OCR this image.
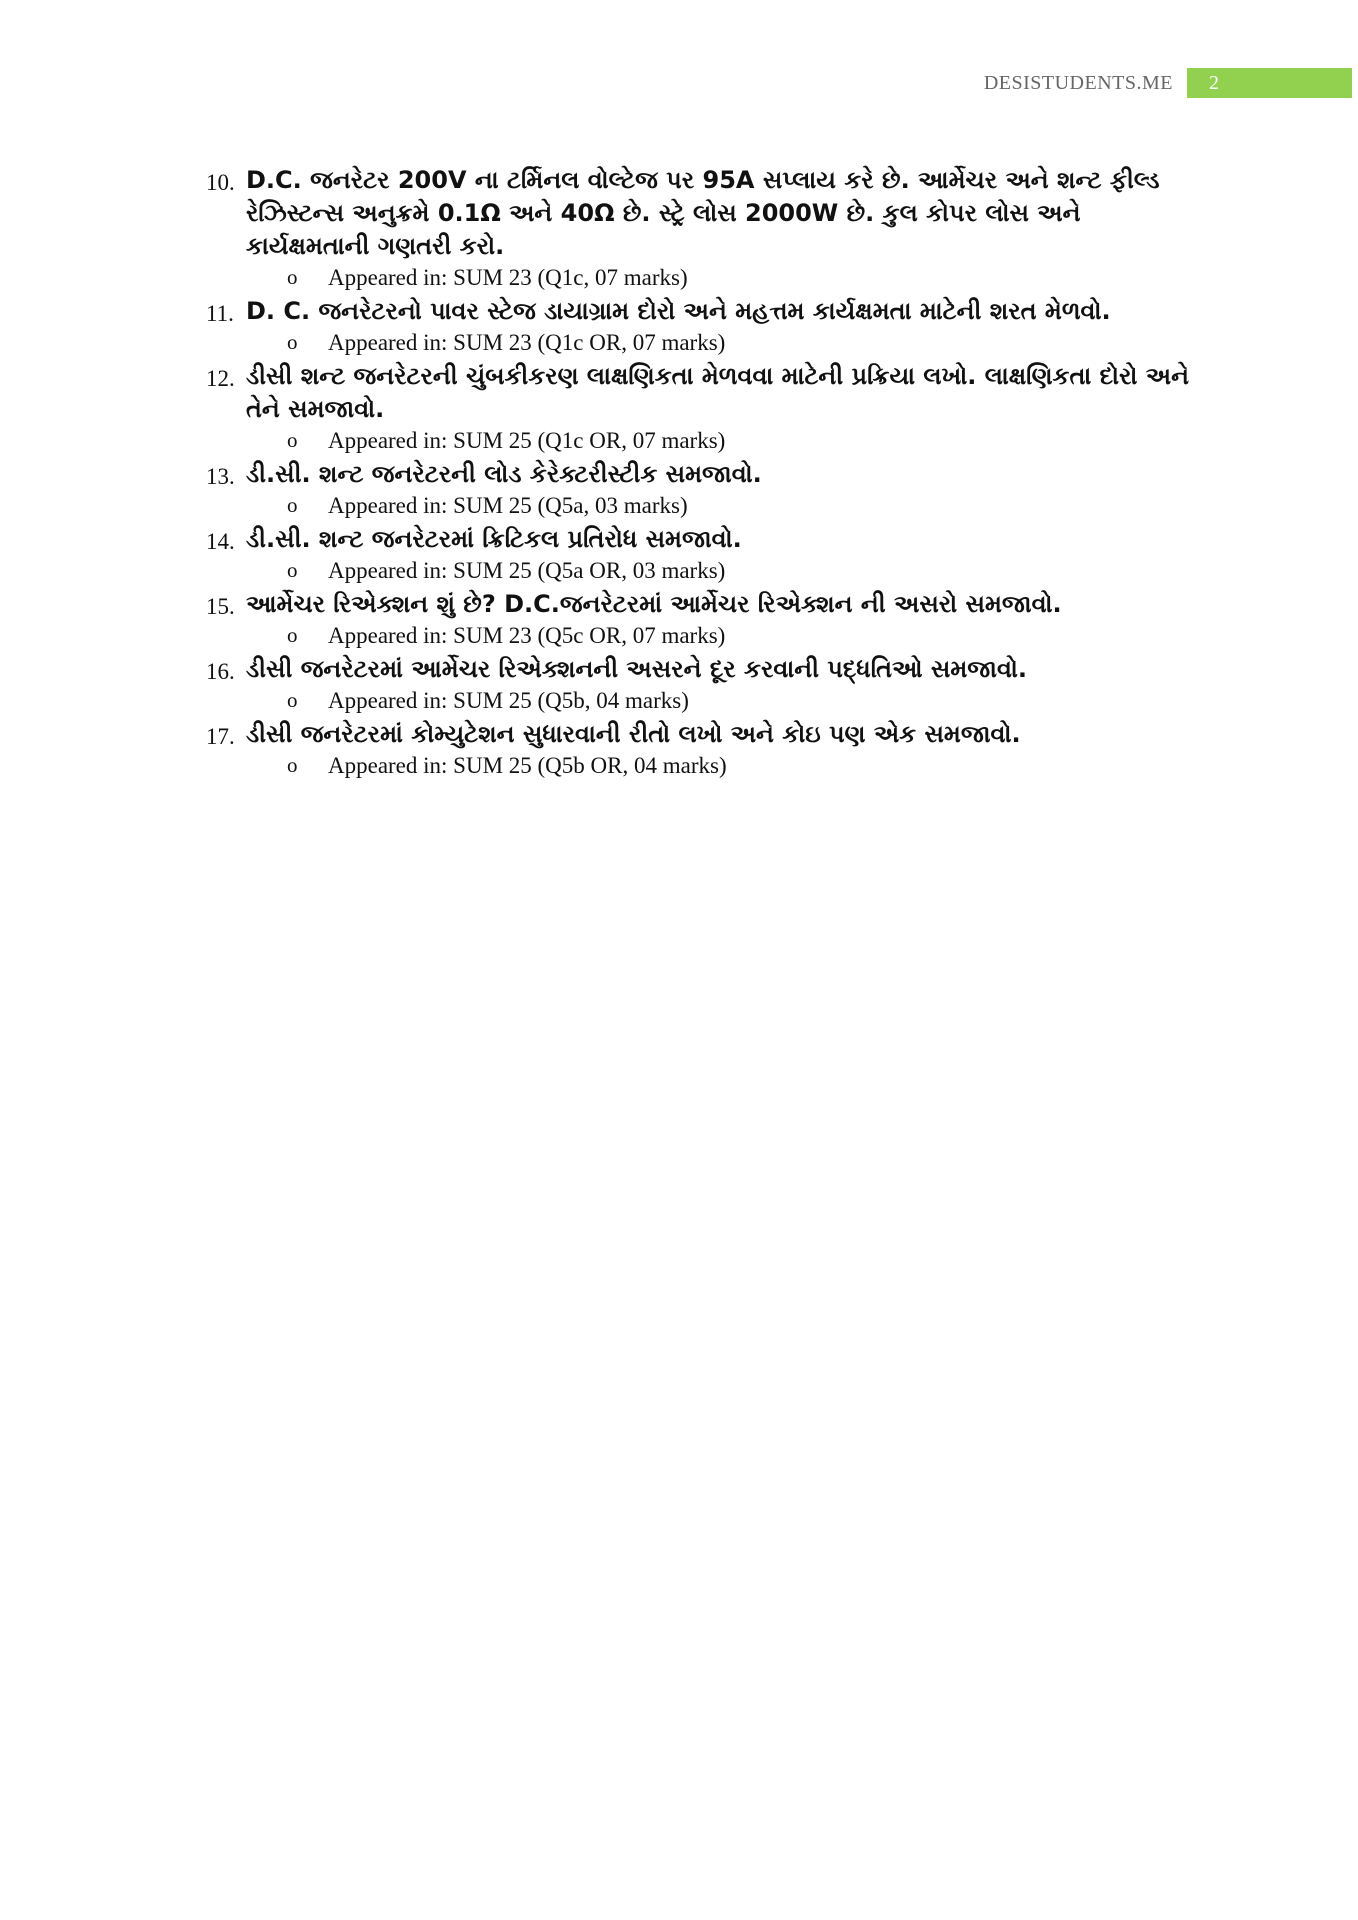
DESISTUDENTS.ME	2
10. D.C. જનરેટર 200V ના ટર્મિનલ વોલ્ટેજ પર 95A સપ્લાય કરે છે. આર્મેચર અને શન્ટ ફીલ્ડ રેઝિસ્ટન્સ અનુક્રમે 0.1Ω અને 40Ω છે. સ્ટ્રે લોસ 2000W છે. કુલ કોપર લોસ અને કાર્યક્ષમતાની ગણતરી કરો.
o Appeared in: SUM 23 (Q1c, 07 marks)
11. D. C. જનરેટરનો પાવર સ્ટેજ ડાયાગ્રામ દોરો અને મહત્તમ કાર્યક્ષમતા માટેની શરત મેળવો.
o Appeared in: SUM 23 (Q1c OR, 07 marks)
12. ડીસી શન્ટ જનરેટરની ચુંબકીકરણ લાક્ષણિકતા મેળવવા માટેની પ્રક્રિયા લખો. લાક્ષણિકતા દોરો અને તેને સમજાવો.
o Appeared in: SUM 25 (Q1c OR, 07 marks)
13. ડી.સી. શન્ટ જનરેટરની લોડ કેરેક્ટરીસ્ટીક સમજાવો.
o Appeared in: SUM 25 (Q5a, 03 marks)
14. ડી.સી. શન્ટ જનરેટરમાં ક્રિટિકલ પ્રતિરોધ સમજાવો.
o Appeared in: SUM 25 (Q5a OR, 03 marks)
15. આર્મેચર રિએક્શન શું છે? D.C.જનરેટરમાં આર્મેચર રિએક્શન ની અસરો સમજાવો.
o Appeared in: SUM 23 (Q5c OR, 07 marks)
16. ડીસી જનરેટરમાં આર્મેચર રિએક્શનની અસરને દૂર કરવાની પદ્ધતિઓ સમજાવો.
o Appeared in: SUM 25 (Q5b, 04 marks)
17. ડીસી જનરેટરમાં કોમ્યુટેશન સુધારવાની રીતો લખો અને કોઇ પણ એક સમજાવો.
o Appeared in: SUM 25 (Q5b OR, 04 marks)
